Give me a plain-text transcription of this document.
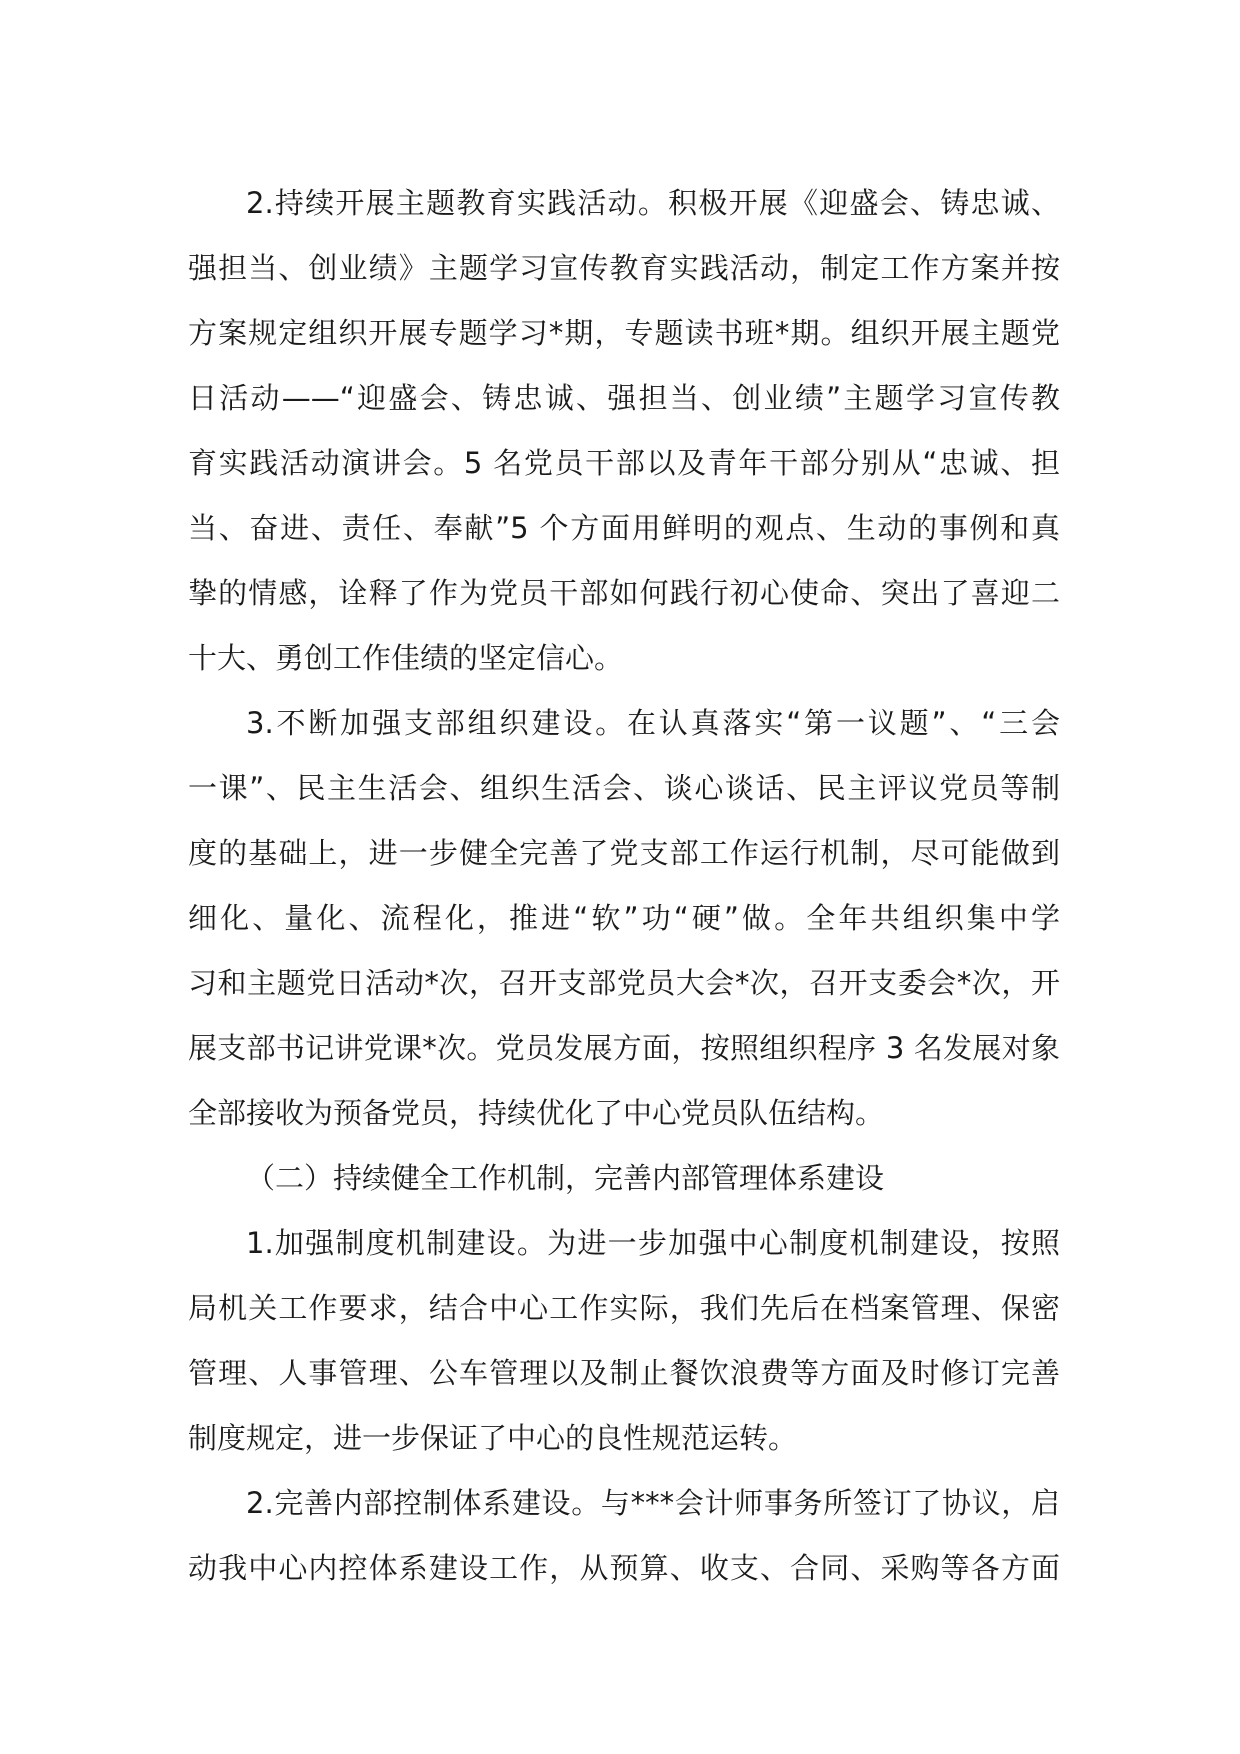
2.持续开展主题教育实践活动。积极开展《迎盛会、铸忠诚、
强担当、创业绩》主题学习宣传教育实践活动，制定工作方案并按
方案规定组织开展专题学习*期，专题读书班*期。组织开展主题党
日活动——“迎盛会、铸忠诚、强担当、创业绩”主题学习宣传教
育实践活动演讲会。5 名党员干部以及青年干部分别从“忠诚、担
当、奋进、责任、奉献”5 个方面用鲜明的观点、生动的事例和真
挚的情感，诠释了作为党员干部如何践行初心使命、突出了喜迎二
十大、勇创工作佳绩的坚定信心。
3.不断加强支部组织建设。在认真落实“第一议题”、“三会
一课”、民主生活会、组织生活会、谈心谈话、民主评议党员等制
度的基础上，进一步健全完善了党支部工作运行机制，尽可能做到
细化、量化、流程化，推进“软”功“硬”做。全年共组织集中学
习和主题党日活动*次，召开支部党员大会*次，召开支委会*次，开
展支部书记讲党课*次。党员发展方面，按照组织程序 3 名发展对象
全部接收为预备党员，持续优化了中心党员队伍结构。
（二）持续健全工作机制，完善内部管理体系建设
1.加强制度机制建设。为进一步加强中心制度机制建设，按照
局机关工作要求，结合中心工作实际，我们先后在档案管理、保密
管理、人事管理、公车管理以及制止餐饮浪费等方面及时修订完善
制度规定，进一步保证了中心的良性规范运转。
2.完善内部控制体系建设。与***会计师事务所签订了协议，启
动我中心内控体系建设工作，从预算、收支、合同、采购等各方面
